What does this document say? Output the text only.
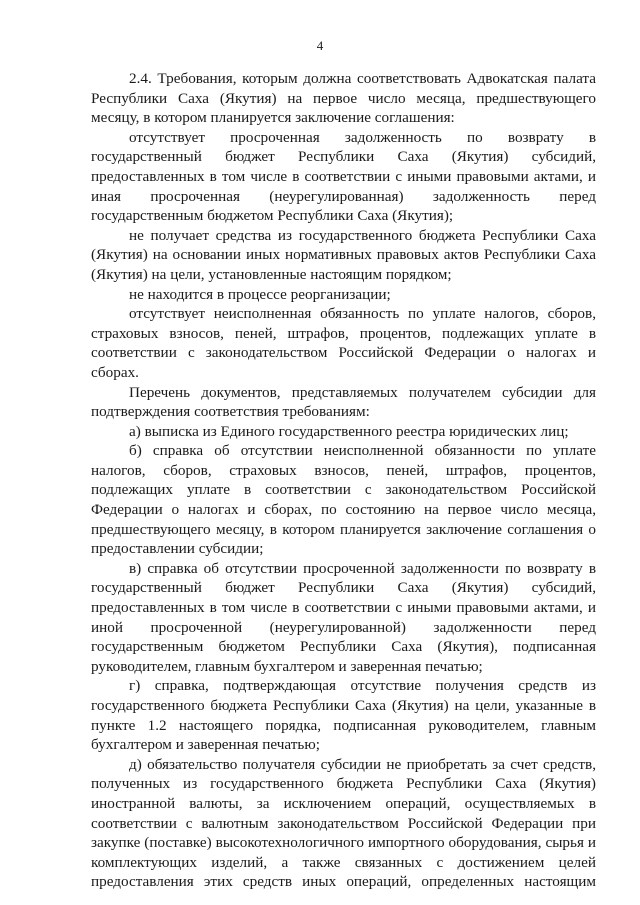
4

2.4. Требования, которым должна соответствовать Адвокатская палата Республики Саха (Якутия) на первое число месяца, предшествующего месяцу, в котором планируется заключение соглашения:

отсутствует просроченная задолженность по возврату в государственный бюджет Республики Саха (Якутия) субсидий, предоставленных в том числе в соответствии с иными правовыми актами, и иная просроченная (неурегулированная) задолженность перед государственным бюджетом Республики Саха (Якутия);

не получает средства из государственного бюджета Республики Саха (Якутия) на основании иных нормативных правовых актов Республики Саха (Якутия) на цели, установленные настоящим порядком;

не находится в процессе реорганизации;

отсутствует неисполненная обязанность по уплате налогов, сборов, страховых взносов, пеней, штрафов, процентов, подлежащих уплате в соответствии с законодательством Российской Федерации о налогах и сборах.

Перечень документов, представляемых получателем субсидии для подтверждения соответствия требованиям:

а) выписка из Единого государственного реестра юридических лиц;

б) справка об отсутствии неисполненной обязанности по уплате налогов, сборов, страховых взносов, пеней, штрафов, процентов, подлежащих уплате в соответствии с законодательством Российской Федерации о налогах и сборах, по состоянию на первое число месяца, предшествующего месяцу, в котором планируется заключение соглашения о предоставлении субсидии;

в) справка об отсутствии просроченной задолженности по возврату в государственный бюджет Республики Саха (Якутия) субсидий, предоставленных в том числе в соответствии с иными правовыми актами, и иной просроченной (неурегулированной) задолженности перед государственным бюджетом Республики Саха (Якутия), подписанная руководителем, главным бухгалтером и заверенная печатью;

г) справка, подтверждающая отсутствие получения средств из государственного бюджета Республики Саха (Якутия) на цели, указанные в пункте 1.2 настоящего порядка, подписанная руководителем, главным бухгалтером и заверенная печатью;

д) обязательство получателя субсидии не приобретать за счет средств, полученных из государственного бюджета Республики Саха (Якутия) иностранной валюты, за исключением операций, осуществляемых в соответствии с валютным законодательством Российской Федерации при закупке (поставке) высокотехнологичного импортного оборудования, сырья и комплектующих изделий, а также связанных с достижением целей предоставления этих средств иных операций, определенных настоящим
